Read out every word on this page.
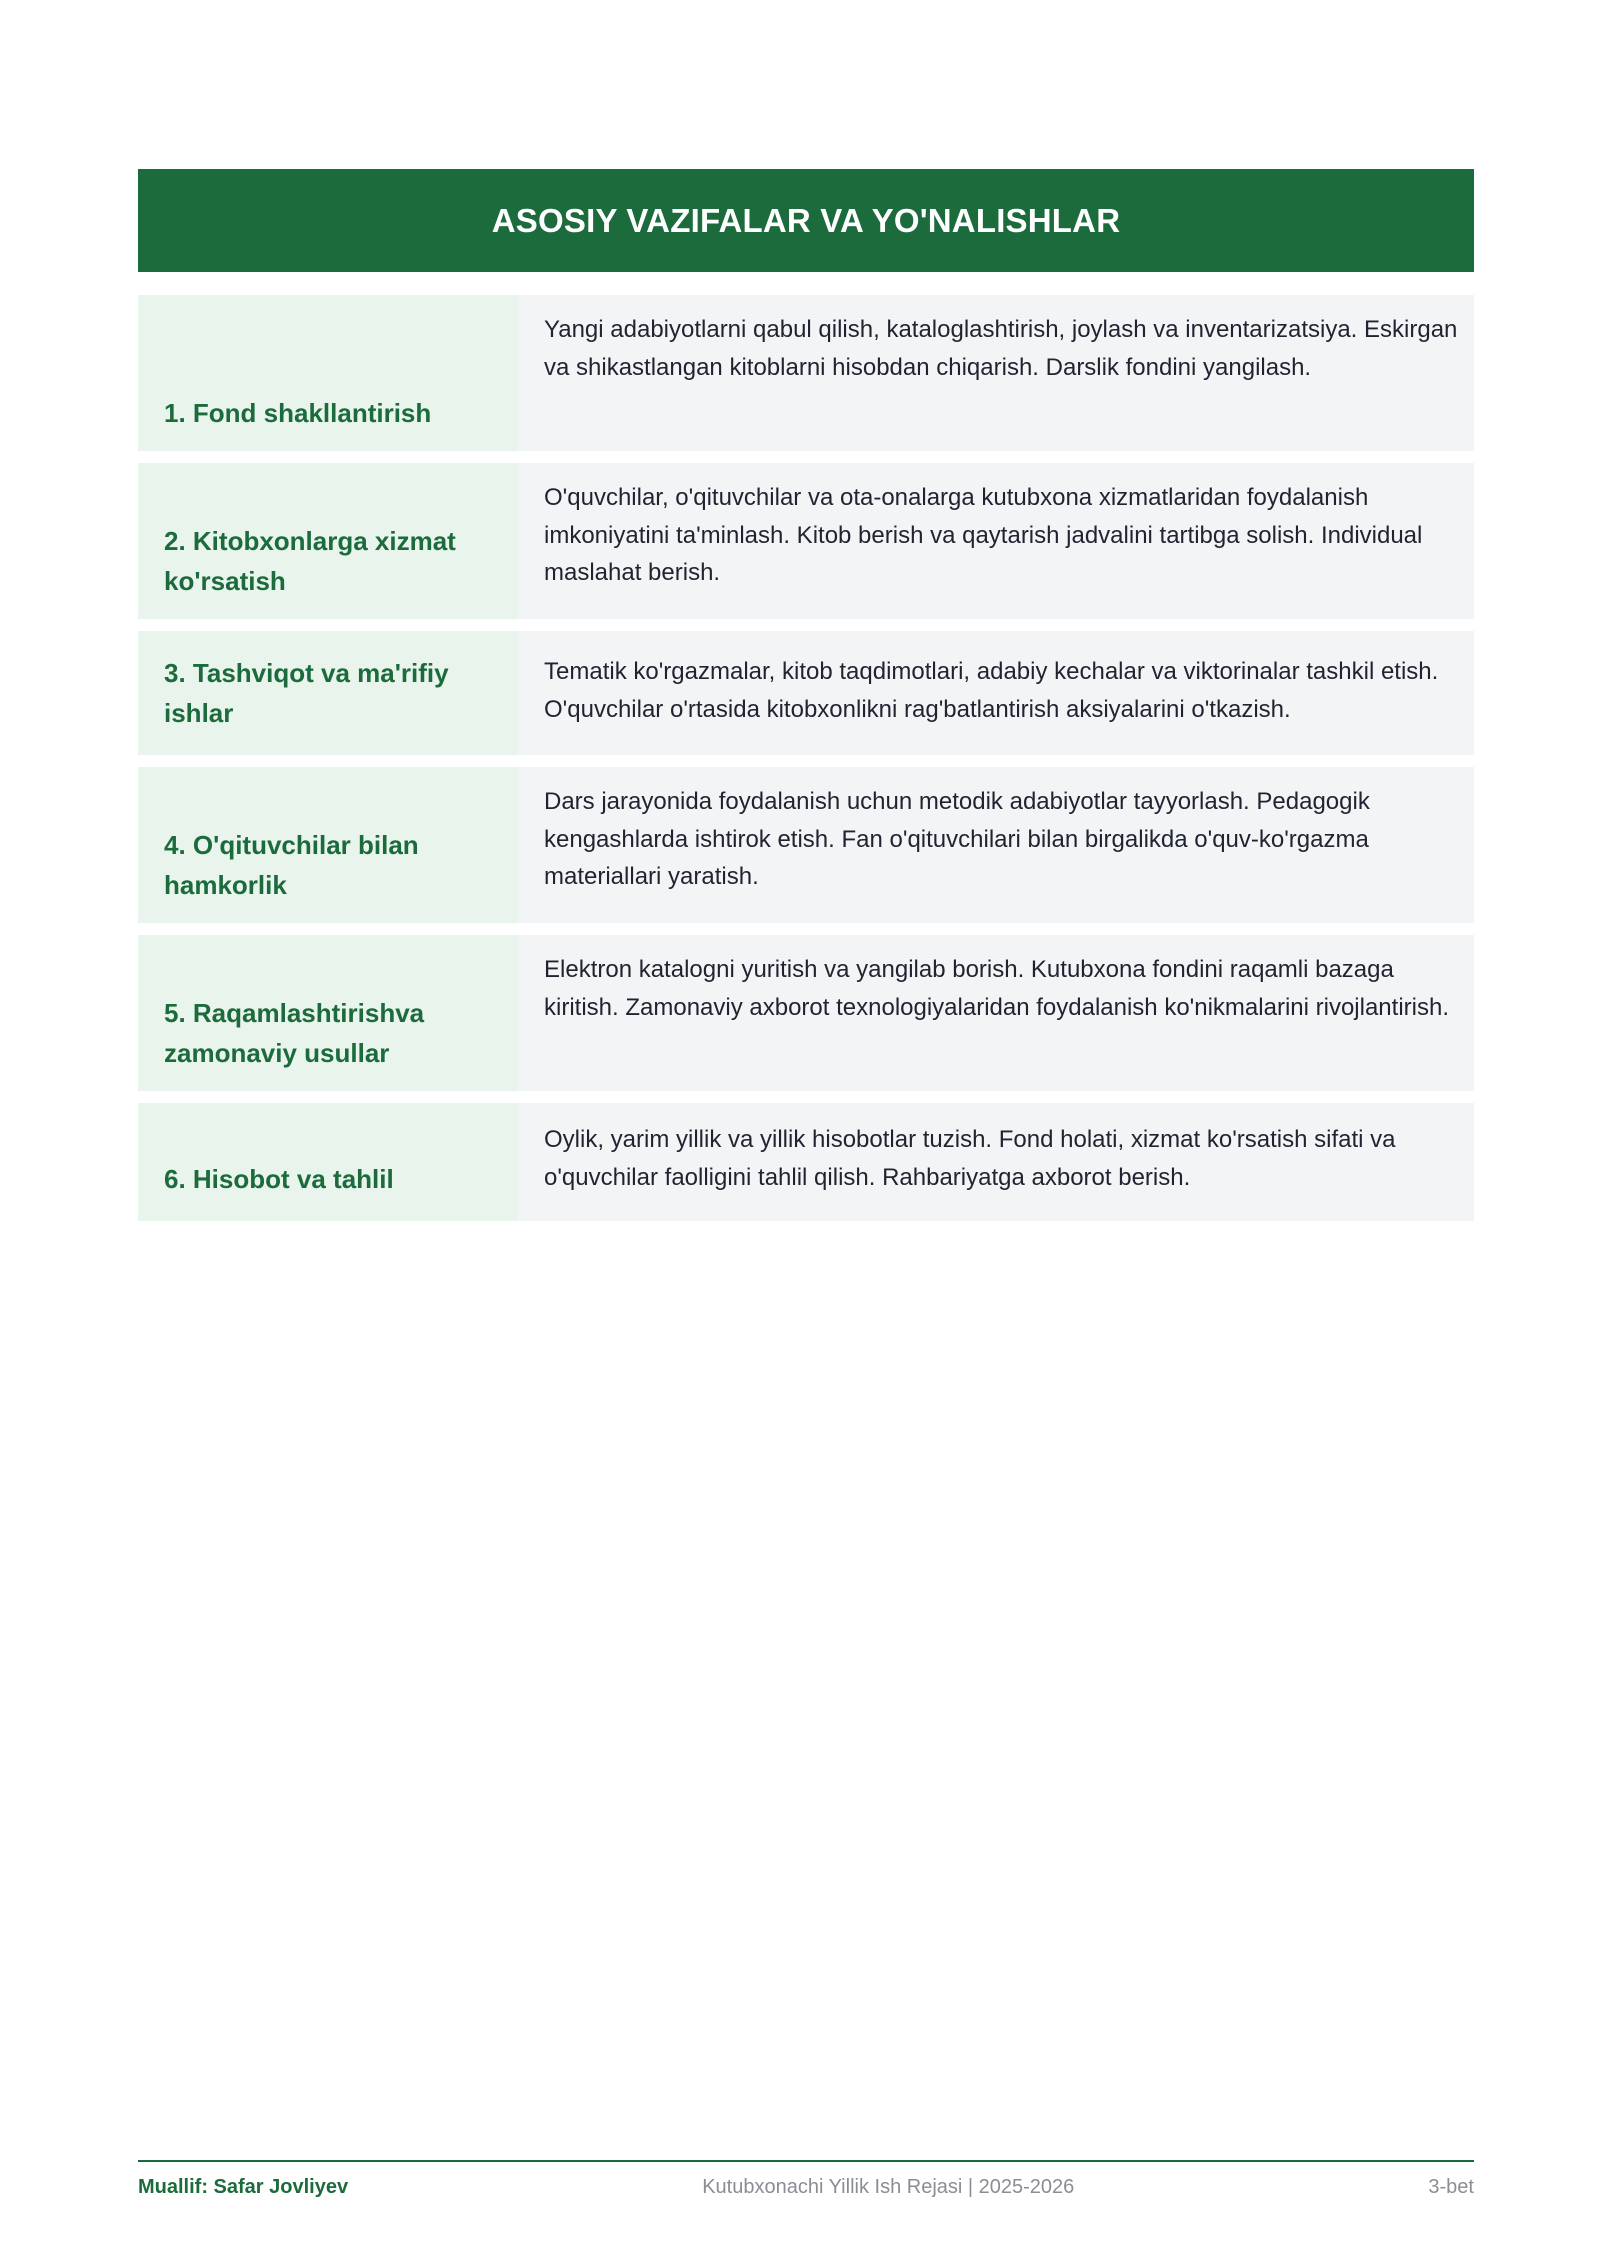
ASOSIY VAZIFALAR VA YO'NALISHLAR
1. Fond shakllantirish
Yangi adabiyotlarni qabul qilish, kataloglashtirish, joylash va inventarizatsiya. Eskirgan va shikastlangan kitoblarni hisobdan chiqarish. Darslik fondini yangilash.
2. Kitobxonlarga xizmat ko'rsatish
O'quvchilar, o'qituvchilar va ota-onalarga kutubxona xizmatlaridan foydalanish imkoniyatini ta'minlash. Kitob berish va qaytarish jadvalini tartibga solish. Individual maslahat berish.
3. Tashviqot va ma'rifiy ishlar
Tematik ko'rgazmalar, kitob taqdimotlari, adabiy kechalar va viktorinalar tashkil etish. O'quvchilar o'rtasida kitobxonlikni rag'batlantirish aksiyalarini o'tkazish.
4. O'qituvchilar bilan hamkorlik
Dars jarayonida foydalanish uchun metodik adabiyotlar tayyorlash. Pedagogik kengashlarda ishtirok etish. Fan o'qituvchilari bilan birgalikda o'quv-ko'rgazma materiallari yaratish.
5. Raqamlashtirishva zamonaviy usullar
Elektron katalogni yuritish va yangilab borish. Kutubxona fondini raqamli bazaga kiritish. Zamonaviy axborot texnologiyalaridan foydalanish ko'nikmalarini rivojlantirish.
6. Hisobot va tahlil
Oylik, yarim yillik va yillik hisobotlar tuzish. Fond holati, xizmat ko'rsatish sifati va o'quvchilar faolligini tahlil qilish. Rahbariyatga axborot berish.
Muallif: Safar Jovliyev	Kutubxonachi Yillik Ish Rejasi | 2025-2026	3-bet
